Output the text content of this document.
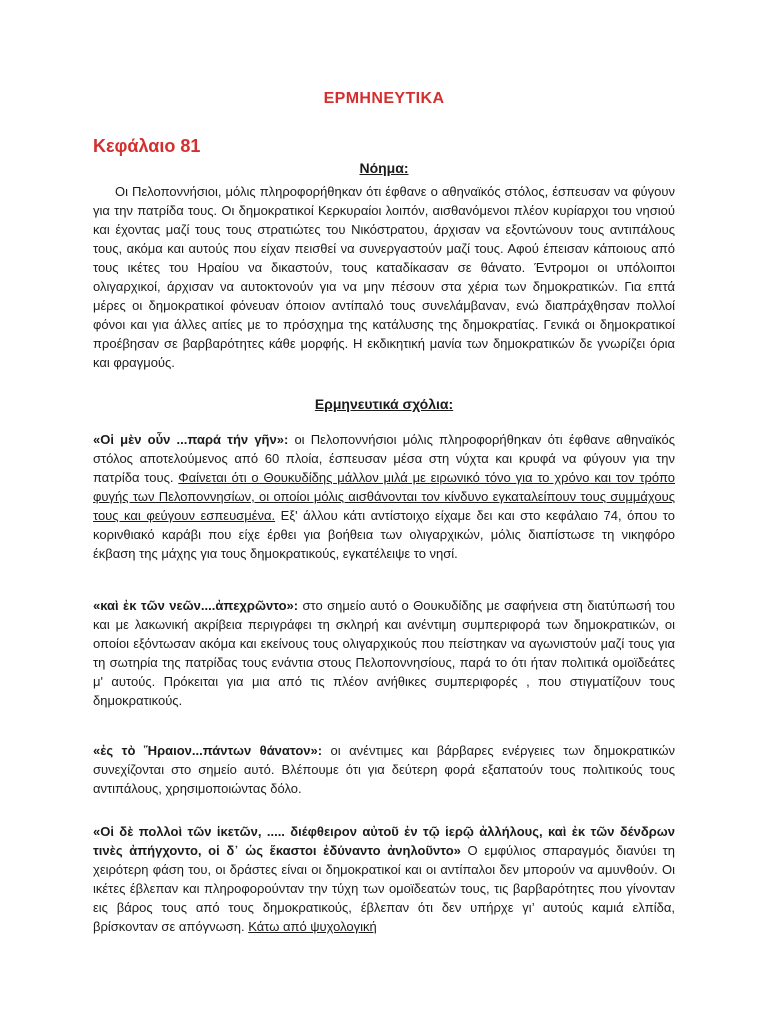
ΕΡΜΗΝΕΥΤΙΚΑ
Κεφάλαιο 81
Νόημα:

Οι Πελοποννήσιοι, μόλις πληροφορήθηκαν ότι έφθανε ο αθηναϊκός στόλος, έσπευσαν να φύγουν για την πατρίδα τους. Οι δημοκρατικοί Κερκυραίοι λοιπόν, αισθανόμενοι πλέον κυρίαρχοι του νησιού και έχοντας μαζί τους τους στρατιώτες του Νικόστρατου, άρχισαν να εξοντώνουν τους αντιπάλους τους, ακόμα και αυτούς που είχαν πεισθεί να συνεργαστούν μαζί τους. Αφού έπεισαν κάποιους από τους ικέτες του Ηραίου να δικαστούν, τους καταδίκασαν σε θάνατο. Έντρομοι οι υπόλοιποι ολιγαρχικοί, άρχισαν να αυτοκτονούν για να μην πέσουν στα χέρια των δημοκρατικών. Για επτά μέρες οι δημοκρατικοί φόνευαν όποιον αντίπαλό τους συνελάμβαναν, ενώ διαπράχθησαν πολλοί φόνοι και για άλλες αιτίες με το πρόσχημα της κατάλυσης της δημοκρατίας. Γενικά οι δημοκρατικοί προέβησαν σε βαρβαρότητες κάθε μορφής. Η εκδικητική μανία των δημοκρατικών δε γνωρίζει όρια και φραγμούς.

Ερμηνευτικά σχόλια:

«Οἱ μὲν οὖν ...παρά τήν γῆν»: οι Πελοποννήσιοι μόλις πληροφορήθηκαν ότι έφθανε αθηναϊκός στόλος αποτελούμενος από 60 πλοία, έσπευσαν μέσα στη νύχτα και κρυφά να φύγουν για την πατρίδα τους. Φαίνεται ότι ο Θουκυδίδης μάλλον μιλά με ειρωνικό τόνο για το χρόνο και τον τρόπο φυγής των Πελοποννησίων, οι οποίοι μόλις αισθάνονται τον κίνδυνο εγκαταλείπουν τους συμμάχους τους και φεύγουν εσπευσμένα. Εξ' άλλου κάτι αντίστοιχο είχαμε δει και στο κεφάλαιο 74, όπου το κορινθιακό καράβι που είχε έρθει για βοήθεια των ολιγαρχικών, μόλις διαπίστωσε τη νικηφόρο έκβαση της μάχης για τους δημοκρατικούς, εγκατέλειψε το νησί.

«καὶ ἐκ τῶν νεῶν....ἀπεχρῶντο»: στο σημείο αυτό ο Θουκυδίδης με σαφήνεια στη διατύπωσή του και με λακωνική ακρίβεια περιγράφει τη σκληρή και ανέντιμη συμπεριφορά των δημοκρατικών, οι οποίοι εξόντωσαν ακόμα και εκείνους τους ολιγαρχικούς που πείστηκαν να αγωνιστούν μαζί τους για τη σωτηρία της πατρίδας τους ενάντια στους Πελοποννησίους, παρά το ότι ήταν πολιτικά ομοϊδεάτες μ' αυτούς. Πρόκειται για μια από τις πλέον ανήθικες συμπεριφορές , που στιγματίζουν τους δημοκρατικούς.

«ἐς τὸ Ἥραιον...πάντων θάνατον»: οι ανέντιμες και βάρβαρες ενέργειες των δημοκρατικών συνεχίζονται στο σημείο αυτό. Βλέπουμε ότι για δεύτερη φορά εξαπατούν τους πολιτικούς τους αντιπάλους, χρησιμοποιώντας δόλο.

«Οἱ δὲ πολλοὶ τῶν ἱκετῶν, ..... διέφθειρον αὐτοῦ ἐν τῷ ἱερῷ ἀλλήλους, καὶ ἐκ τῶν δένδρων τινὲς ἀπήγχοντο, οἱ δ᾽ ὡς ἕκαστοι ἐδύναντο ἀνηλοῦντο» Ο εμφύλιος σπαραγμός διανύει τη χειρότερη φάση του, οι δράστες είναι οι δημοκρατικοί και οι αντίπαλοι δεν μπορούν να αμυνθούν. Οι ικέτες έβλεπαν και πληροφορούνταν την τύχη των ομοϊδεατών τους, τις βαρβαρότητες που γίνονταν εις βάρος τους από τους δημοκρατικούς, έβλεπαν ότι δεν υπήρχε γι’ αυτούς καμιά ελπίδα, βρίσκονταν σε απόγνωση. Κάτω από ψυχολογική
